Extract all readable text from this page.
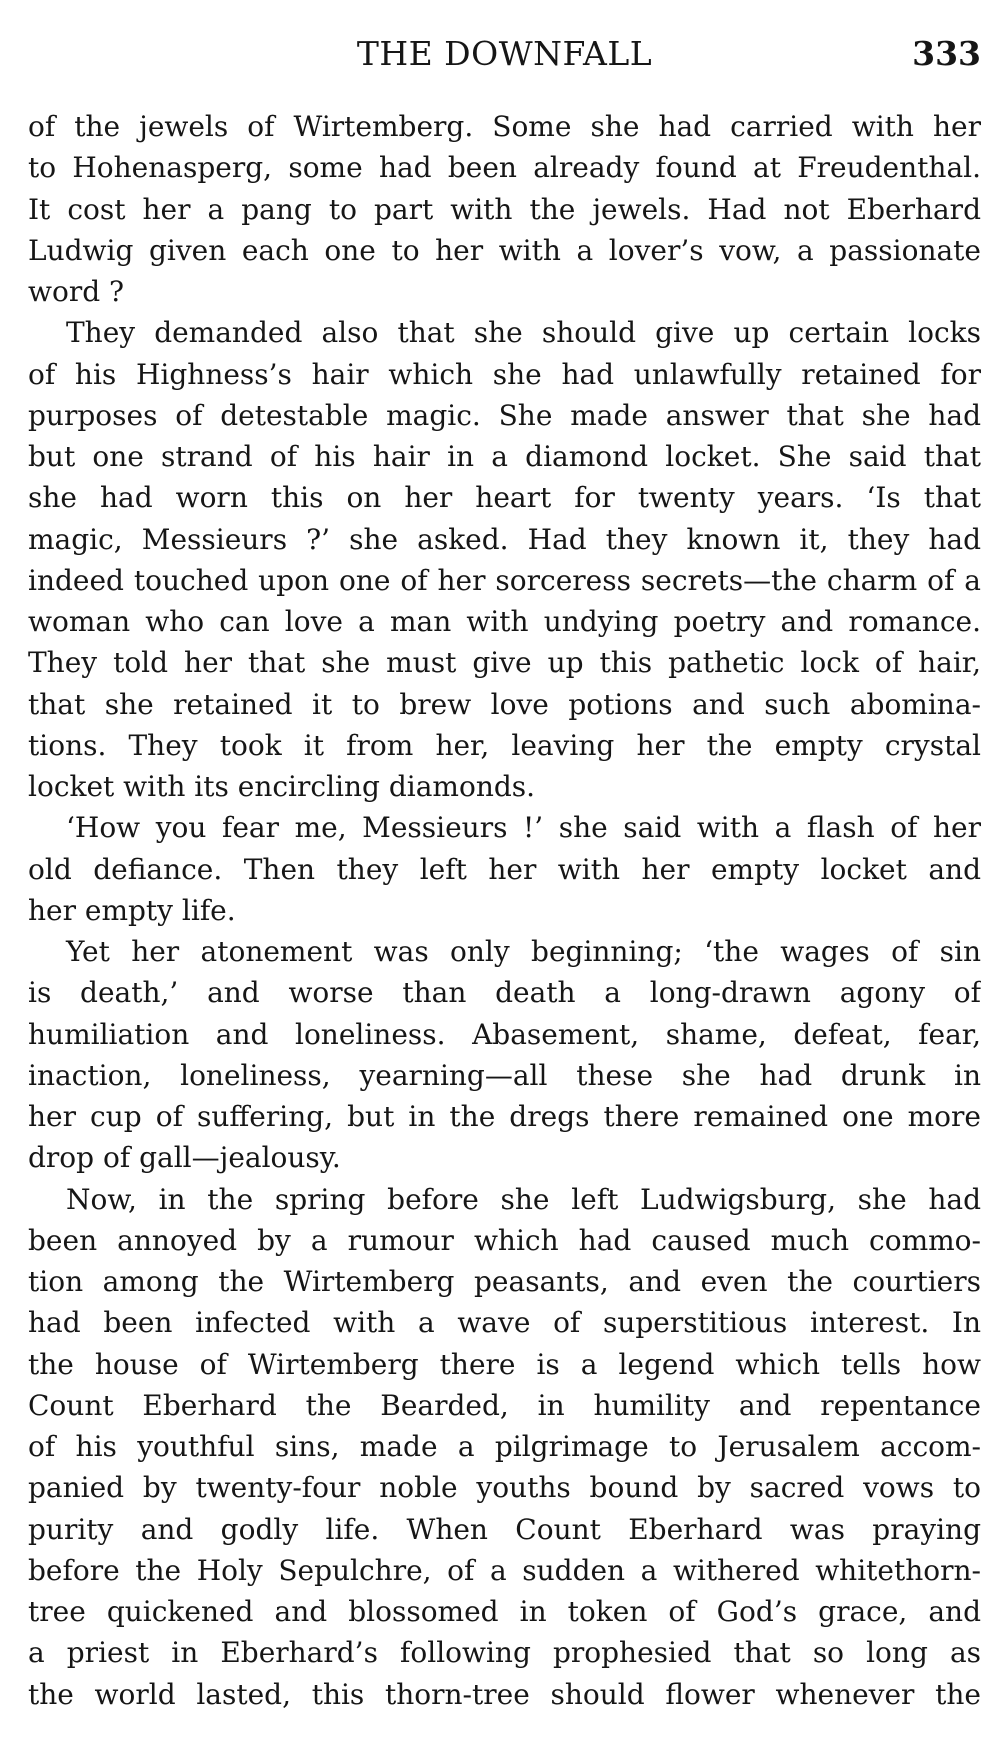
THE DOWNFALL	333
of the jewels of Wirtemberg. Some she had carried with her
to Hohenasperg, some had been already found at Freudenthal.
It cost her a pang to part with the jewels. Had not Eberhard
Ludwig given each one to her with a lover’s vow, a passionate
word ?
They demanded also that she should give up certain locks
of his Highness’s hair which she had unlawfully retained for
purposes of detestable magic. She made answer that she had
but one strand of his hair in a diamond locket. She said that
she had worn this on her heart for twenty years. ‘Is that
magic, Messieurs ?’ she asked. Had they known it, they had
indeed touched upon one of her sorceress secrets—the charm of a
woman who can love a man with undying poetry and romance.
They told her that she must give up this pathetic lock of hair,
that she retained it to brew love potions and such abomina-
tions. They took it from her, leaving her the empty crystal
locket with its encircling diamonds.
‘How you fear me, Messieurs !’ she said with a flash of her
old defiance. Then they left her with her empty locket and
her empty life.
Yet her atonement was only beginning; ‘the wages of sin
is death,’ and worse than death a long-drawn agony of
humiliation and loneliness. Abasement, shame, defeat, fear,
inaction, loneliness, yearning—all these she had drunk in
her cup of suffering, but in the dregs there remained one more
drop of gall—jealousy.
Now, in the spring before she left Ludwigsburg, she had
been annoyed by a rumour which had caused much commo-
tion among the Wirtemberg peasants, and even the courtiers
had been infected with a wave of superstitious interest. In
the house of Wirtemberg there is a legend which tells how
Count Eberhard the Bearded, in humility and repentance
of his youthful sins, made a pilgrimage to Jerusalem accom-
panied by twenty-four noble youths bound by sacred vows to
purity and godly life. When Count Eberhard was praying
before the Holy Sepulchre, of a sudden a withered whitethorn-
tree quickened and blossomed in token of God’s grace, and
a priest in Eberhard’s following prophesied that so long as
the world lasted, this thorn-tree should flower whenever the
